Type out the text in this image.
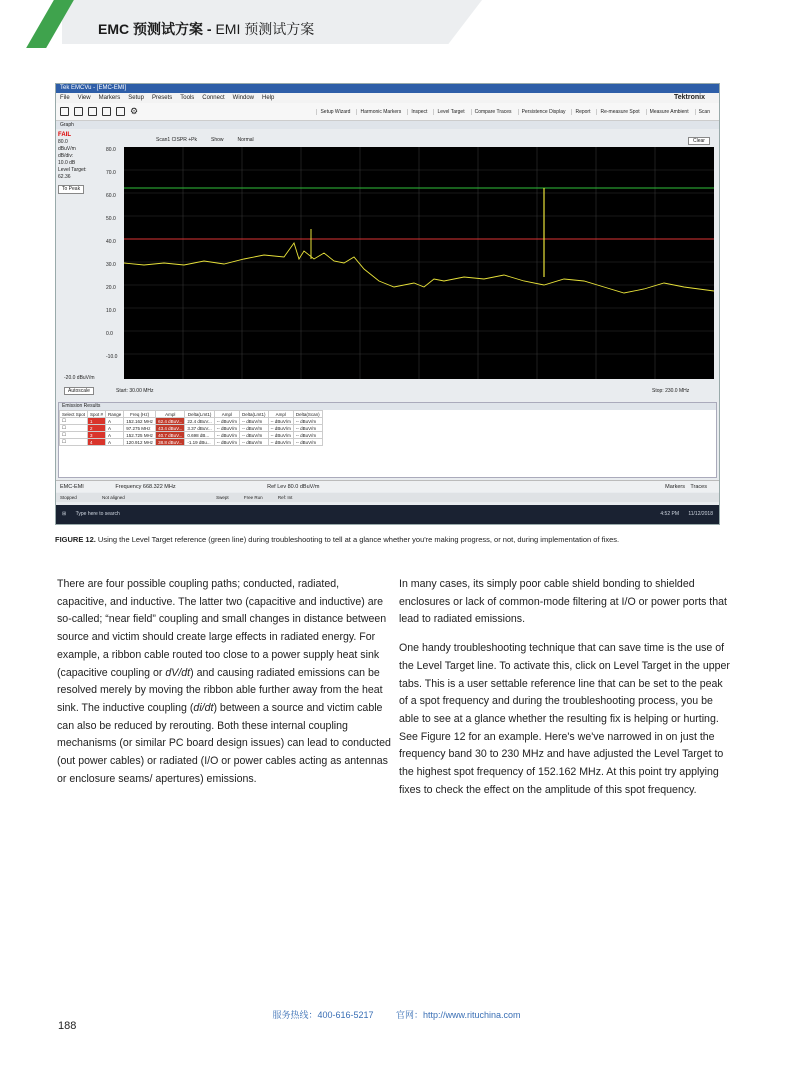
EMC 预测试方案 - EMI 预测试方案
Tek EMCVu - [EMC-EMI]
File View Markers Setup Presets Tools Connect Window Help	Tektronix
⚙	Setup Wizard	Harmonic Markers	Inspect	Level Target	Compare Traces	Persistence Display	Report	Re-measure Spot	Measure Ambient	Scan
Graph
FAIL
80.0
dBuV/m
dB/div:
10.0 dB
Level Target:
62.36
To Peak
Scan1 CISPR +Pk	Show	Normal	Clear
80.0
70.0
60.0
50.0
40.0
30.0
20.0
10.0
0.0
-10.0
-20.0 dBuV/m
Autoscale	Start: 30.00 MHz	Stop: 230.0 MHz
Emission Results
Select Spot	Spot #	Range	Freq (Hz)	Ampl	Delta(Lmt1)	Ampl	Delta(Lmt1)	Ampl	Delta(Scan)
☐	1	A	152.162 MHz	62.4 dBuV...	22.4 dBuV...	-- dBuV/m	-- dBuV/m	-- dBuV/m	-- dBuV/m
☐	2	A	97.275 MHz	43.4 dBuV...	3.37 dBuV...	-- dBuV/m	-- dBuV/m	-- dBuV/m	-- dBuV/m
☐	3	A	152.725 MHz	40.7 dBuV...	0.698 dB...	-- dBuV/m	-- dBuV/m	-- dBuV/m	-- dBuV/m
☐	4	A	120.912 MHz	38.8 dBuV...	-1.19 dBu...	-- dBuV/m	-- dBuV/m	-- dBuV/m	-- dBuV/m
EMC-EMI	Frequency 668.322 MHz	Ref Lev 80.0 dBuV/m	Markers Traces
Stopped	Not aligned	Swept	Free Run	Ref: Int
⊞ Type here to search	4:52 PM 11/12/2018
FIGURE 12. Using the Level Target reference (green line) during troubleshooting to tell at a glance whether you're making progress, or not, during implementation of fixes.

There are four possible coupling paths; conducted, radiated, capacitive, and inductive. The latter two (capacitive and inductive) are so-called; “near field” coupling and small changes in distance between source and victim should create large effects in radiated energy. For example, a ribbon cable routed too close to a power supply heat sink (capacitive coupling or dV/dt) and causing radiated emissions can be resolved merely by moving the ribbon able further away from the heat sink. The inductive coupling (di/dt) between a source and victim cable can also be reduced by rerouting. Both these internal coupling mechanisms (or similar PC board design issues) can lead to conducted (out power cables) or radiated (I/O or power cables acting as antennas or enclosure seams/ apertures) emissions.

In many cases, its simply poor cable shield bonding to shielded enclosures or lack of common-mode filtering at I/O or power ports that lead to radiated emissions.

One handy troubleshooting technique that can save time is the use of the Level Target line. To activate this, click on Level Target in the upper tabs. This is a user settable reference line that can be set to the peak of a spot frequency and during the troubleshooting process, you be able to see at a glance whether the resulting fix is helping or hurting. See Figure 12 for an example. Here's we've narrowed in on just the frequency band 30 to 230 MHz and have adjusted the Level Target to the highest spot frequency of 152.162 MHz. At this point try applying fixes to check the effect on the amplitude of this spot frequency.

服务热线：400-616-5217	官网：http://www.rituchina.com
188
